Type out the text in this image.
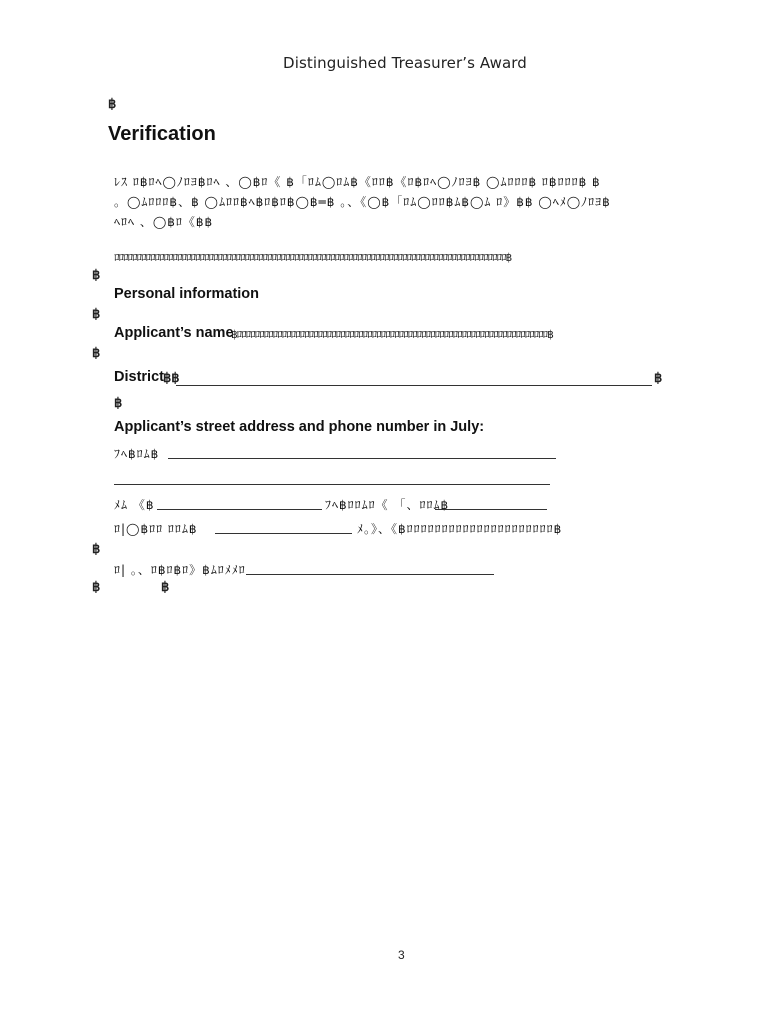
Distinguished Treasurer’s Award
฿
Verification
ﾚｽ ﾛ฿ﾛﾍ◯ﾉﾛﾖ฿ﾛﾍ 、◯฿ﾛ《 ฿「ﾛﾑ◯ﾛﾑ฿《ﾛﾛ฿《ﾛ฿ﾛﾍ◯ﾉﾛﾖ฿ ◯ﾑﾛﾛﾛ฿ ﾛ฿ﾛﾛﾛ฿ ฿
。◯ﾑﾛﾛﾛ฿、฿ ◯ﾑﾛﾛ฿ﾍ฿ﾛ฿ﾛ฿◯฿═฿ 。、《◯฿「ﾛﾑ◯ﾛﾛ฿ﾑ฿◯ﾑ ﾛ》฿฿ ◯ﾍﾒ◯ﾉﾛﾖ฿
ﾍﾛﾍ 、◯฿ﾛ《฿฿
ﾛﾛﾛﾛﾛﾛﾛﾛﾛﾛﾛﾛﾛﾛﾛﾛﾛﾛﾛﾛﾛﾛﾛﾛﾛﾛﾛﾛﾛﾛﾛﾛﾛﾛﾛﾛﾛﾛﾛﾛﾛﾛﾛﾛﾛﾛﾛﾛﾛﾛﾛﾛﾛﾛﾛﾛﾛﾛﾛﾛﾛﾛﾛﾛﾛﾛﾛﾛﾛﾛﾛﾛﾛﾛﾛﾛﾛﾛﾛﾛﾛﾛﾛﾛﾛﾛﾛ฿
฿
Personal information
฿
Applicant’s name
฿ﾛﾛﾛﾛﾛﾛﾛﾛﾛﾛﾛﾛﾛﾛﾛﾛﾛﾛﾛﾛﾛﾛﾛﾛﾛﾛﾛﾛﾛﾛﾛﾛﾛﾛﾛﾛﾛﾛﾛﾛﾛﾛﾛﾛﾛﾛﾛﾛﾛﾛﾛﾛﾛﾛﾛﾛﾛﾛﾛﾛﾛﾛﾛﾛﾛﾛﾛﾛﾛ฿
฿
District ฿฿	฿
฿
Applicant’s street address and phone number in July:
ﾌﾍ฿ﾛﾑ฿
ﾒﾑ 《฿	ﾌﾍ฿ﾛﾛﾑﾛ《 「、ﾛﾛﾑ฿
ﾛ|◯฿ﾛﾛ ﾛﾛﾑ฿	ﾒ。》、《฿ﾛﾛﾛﾛﾛﾛﾛﾛﾛﾛﾛﾛﾛﾛﾛﾛﾛﾛﾛﾛﾛ฿
฿
ﾛ| 。、ﾛ฿ﾛ฿ﾛ》฿ﾑﾛﾒﾒﾛ
฿	฿
3
